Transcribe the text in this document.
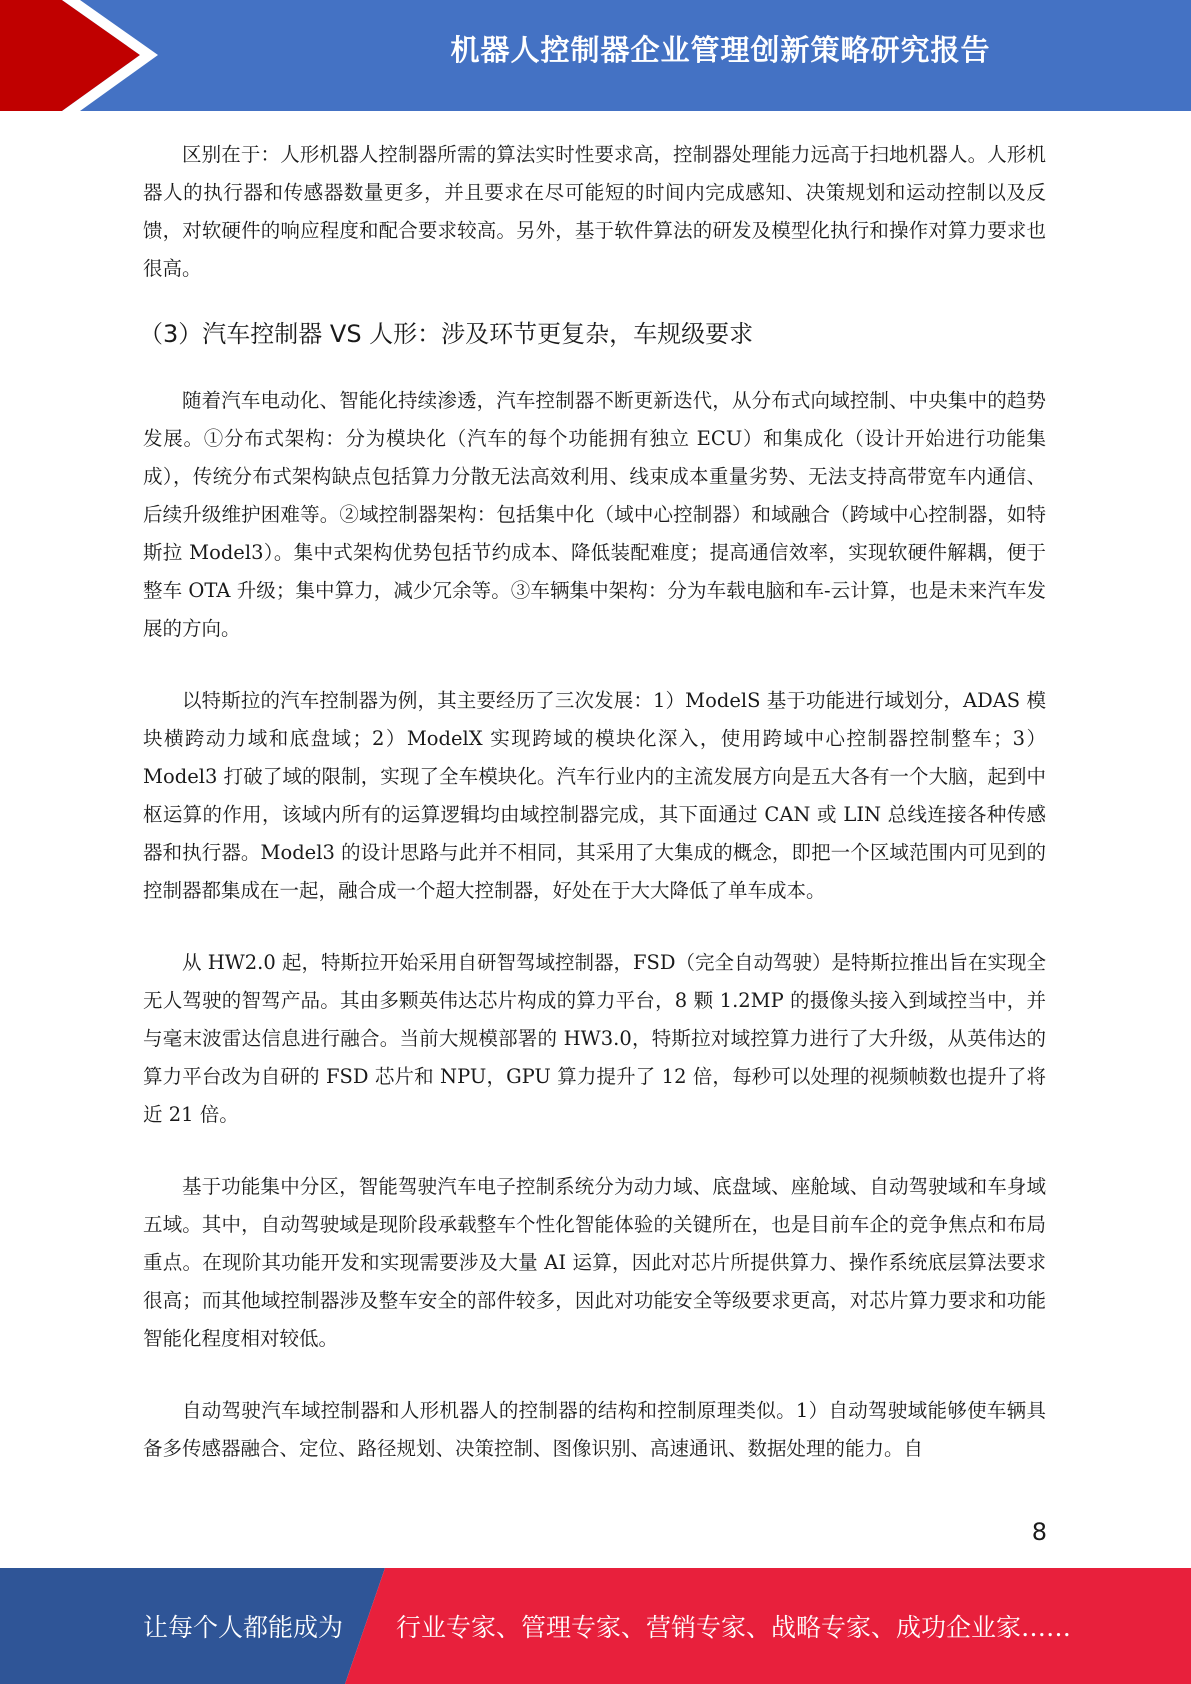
机器人控制器企业管理创新策略研究报告

区别在于：人形机器人控制器所需的算法实时性要求高，控制器处理能力远高于扫地机器人。人形机器人的执行器和传感器数量更多，并且要求在尽可能短的时间内完成感知、决策规划和运动控制以及反馈，对软硬件的响应程度和配合要求较高。另外，基于软件算法的研发及模型化执行和操作对算力要求也很高。

（3）汽车控制器 VS 人形：涉及环节更复杂，车规级要求

随着汽车电动化、智能化持续渗透，汽车控制器不断更新迭代，从分布式向域控制、中央集中的趋势发展。①分布式架构：分为模块化（汽车的每个功能拥有独立 ECU）和集成化（设计开始进行功能集成），传统分布式架构缺点包括算力分散无法高效利用、线束成本重量劣势、无法支持高带宽车内通信、后续升级维护困难等。②域控制器架构：包括集中化（域中心控制器）和域融合（跨域中心控制器，如特斯拉 Model3）。集中式架构优势包括节约成本、降低装配难度；提高通信效率，实现软硬件解耦，便于整车 OTA 升级；集中算力，减少冗余等。③车辆集中架构：分为车载电脑和车-云计算，也是未来汽车发展的方向。

以特斯拉的汽车控制器为例，其主要经历了三次发展：1）ModelS 基于功能进行域划分，ADAS 模块横跨动力域和底盘域；2）ModelX 实现跨域的模块化深入，使用跨域中心控制器控制整车；3）Model3 打破了域的限制，实现了全车模块化。汽车行业内的主流发展方向是五大各有一个大脑，起到中枢运算的作用，该域内所有的运算逻辑均由域控制器完成，其下面通过 CAN 或 LIN 总线连接各种传感器和执行器。Model3 的设计思路与此并不相同，其采用了大集成的概念，即把一个区域范围内可见到的控制器都集成在一起，融合成一个超大控制器，好处在于大大降低了单车成本。

从 HW2.0 起，特斯拉开始采用自研智驾域控制器，FSD（完全自动驾驶）是特斯拉推出旨在实现全无人驾驶的智驾产品。其由多颗英伟达芯片构成的算力平台，8 颗 1.2MP 的摄像头接入到域控当中，并与毫末波雷达信息进行融合。当前大规模部署的 HW3.0，特斯拉对域控算力进行了大升级，从英伟达的算力平台改为自研的 FSD 芯片和 NPU，GPU 算力提升了 12 倍，每秒可以处理的视频帧数也提升了将近 21 倍。

基于功能集中分区，智能驾驶汽车电子控制系统分为动力域、底盘域、座舱域、自动驾驶域和车身域五域。其中，自动驾驶域是现阶段承载整车个性化智能体验的关键所在，也是目前车企的竞争焦点和布局重点。在现阶其功能开发和实现需要涉及大量 AI 运算，因此对芯片所提供算力、操作系统底层算法要求很高；而其他域控制器涉及整车安全的部件较多，因此对功能安全等级要求更高，对芯片算力要求和功能智能化程度相对较低。

自动驾驶汽车域控制器和人形机器人的控制器的结构和控制原理类似。1）自动驾驶域能够使车辆具备多传感器融合、定位、路径规划、决策控制、图像识别、高速通讯、数据处理的能力。自

8
让每个人都能成为 行业专家、管理专家、营销专家、战略专家、成功企业家……
